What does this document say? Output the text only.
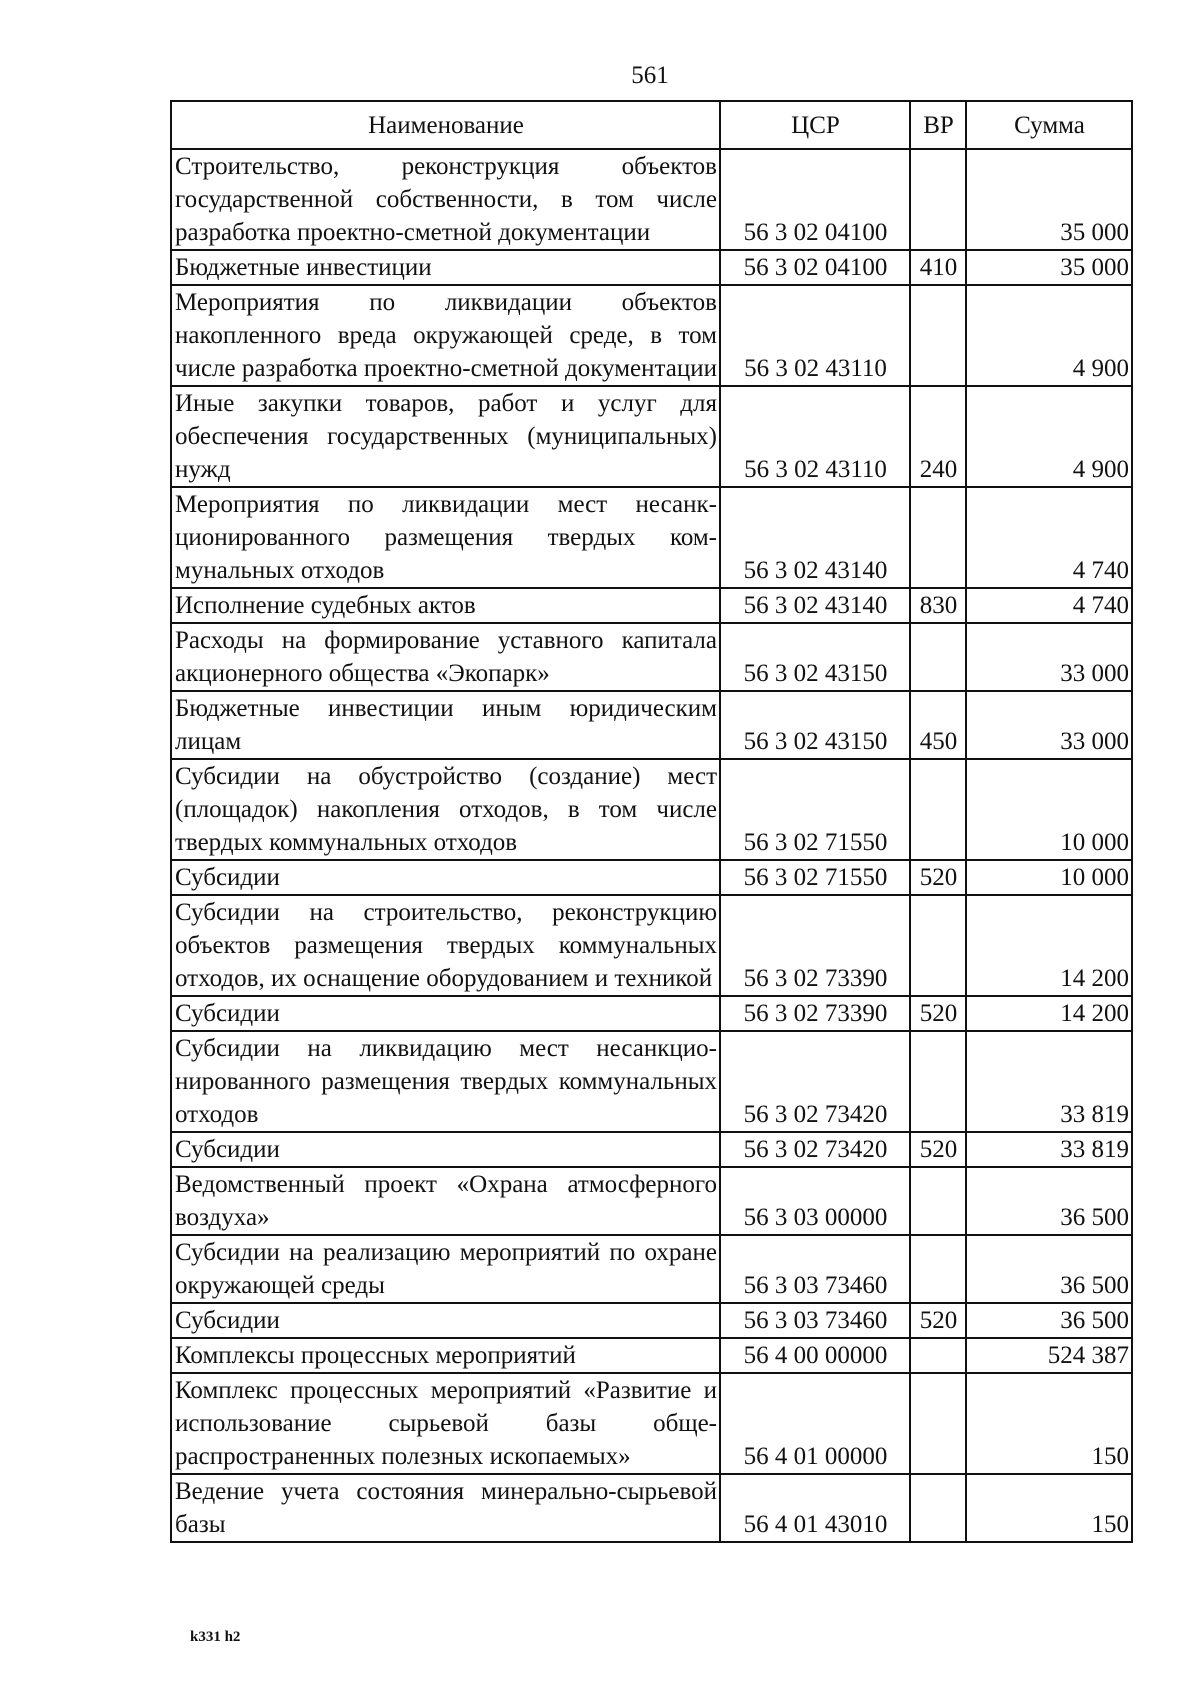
561
Наименование	ЦСР	ВР	Сумма
Строительство, реконструкция объектов государственной собственности, в том числе разработка проектно-сметной документации	56 3 02 04100		35 000
Бюджетные инвестиции	56 3 02 04100	410	35 000
Мероприятия по ликвидации объектов накопленного вреда окружающей среде, в том числе разработка проектно-сметной документации	56 3 02 43110		4 900
Иные закупки товаров, работ и услуг для обеспечения государственных (муниципальных) нужд	56 3 02 43110	240	4 900
Мероприятия по ликвидации мест несанкционированного размещения твердых коммунальных отходов	56 3 02 43140		4 740
Исполнение судебных актов	56 3 02 43140	830	4 740
Расходы на формирование уставного капитала акционерного общества «Экопарк»	56 3 02 43150		33 000
Бюджетные инвестиции иным юридическим лицам	56 3 02 43150	450	33 000
Субсидии на обустройство (создание) мест (площадок) накопления отходов, в том числе твердых коммунальных отходов	56 3 02 71550		10 000
Субсидии	56 3 02 71550	520	10 000
Субсидии на строительство, реконструкцию объектов размещения твердых коммунальных отходов, их оснащение оборудованием и техникой	56 3 02 73390		14 200
Субсидии	56 3 02 73390	520	14 200
Субсидии на ликвидацию мест несанкционированного размещения твердых коммунальных отходов	56 3 02 73420		33 819
Субсидии	56 3 02 73420	520	33 819
Ведомственный проект «Охрана атмосферного воздуха»	56 3 03 00000		36 500
Субсидии на реализацию мероприятий по охране окружающей среды	56 3 03 73460		36 500
Субсидии	56 3 03 73460	520	36 500
Комплексы процессных мероприятий	56 4 00 00000		524 387
Комплекс процессных мероприятий «Развитие и использование сырьевой базы общераспространенных полезных ископаемых»	56 4 01 00000		150
Ведение учета состояния минерально-сырьевой базы	56 4 01 43010		150
k331 h2
